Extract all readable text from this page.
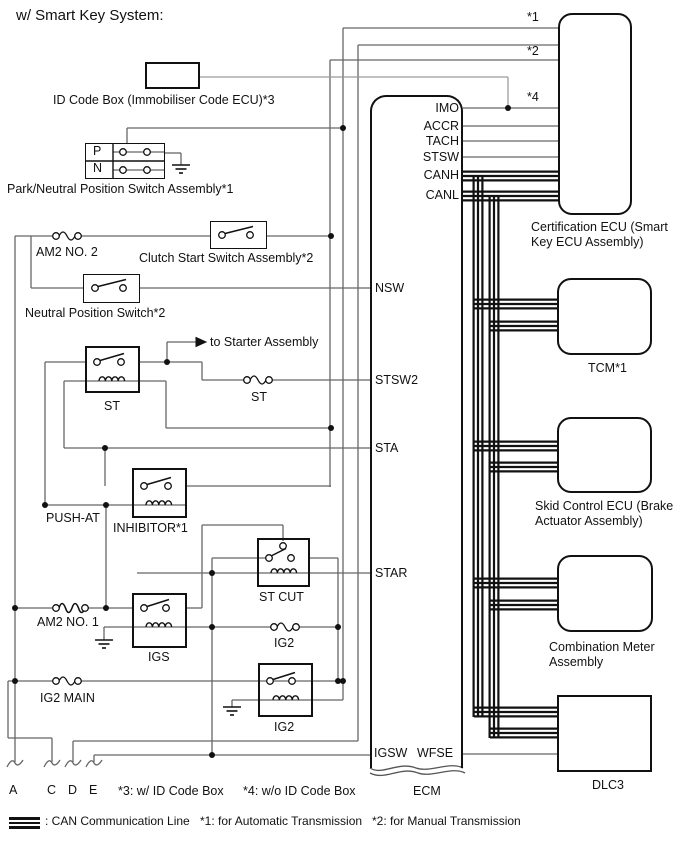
w/ Smart Key System:
ID Code Box (Immobiliser Code ECU)*3
P
N
Park/Neutral Position Switch Assembly*1
AM2 NO. 2	Clutch Start Switch Assembly*2
Neutral Position Switch*2
to Starter Assembly
ST
ST
PUSH-AT
INHIBITOR*1
ST CUT
AM2 NO. 1
IGS
IG2
IG2 MAIN
IG2
*1
*2
*4
IMO
ACCR
TACH
STSW
CANH
CANL
NSW
STSW2
STA
STAR
IGSW WFSE
Certification ECU (Smart
Key ECU Assembly)
TCM*1
Skid Control ECU (Brake
Actuator Assembly)
Combination Meter
Assembly
DLC3
A C D E *3: w/ ID Code Box *4: w/o ID Code Box	ECM
: CAN Communication Line *1: for Automatic Transmission *2: for Manual Transmission
